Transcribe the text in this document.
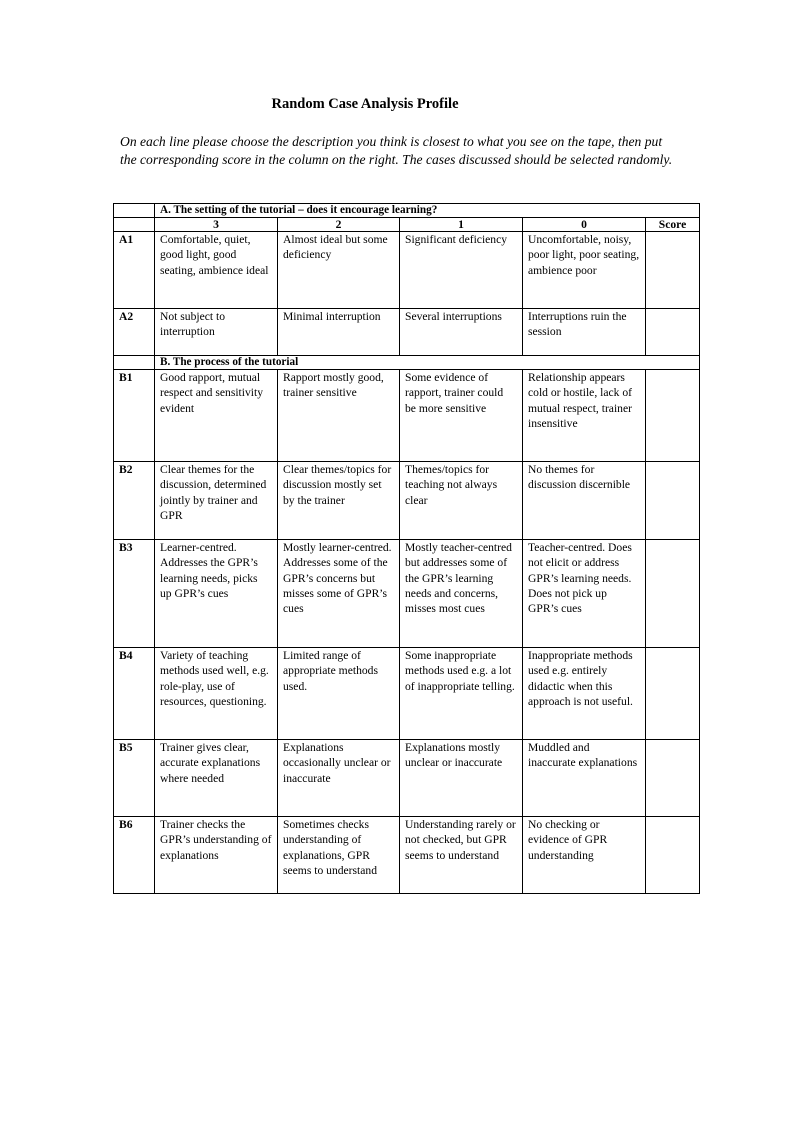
Random Case Analysis Profile
On each line please choose the description you think is closest to what you see on the tape, then put the corresponding score in the column on the right. The cases discussed should be selected randomly.
	A. The setting of the tutorial – does it encourage learning?				
	3	2	1	0	Score
A1	Comfortable, quiet, good light, good seating, ambience ideal	Almost ideal but some deficiency	Significant deficiency	Uncomfortable, noisy, poor light, poor seating, ambience poor	
A2	Not subject to interruption	Minimal interruption	Several interruptions	Interruptions ruin the session	
	B. The process of the tutorial				
B1	Good rapport, mutual respect and sensitivity evident	Rapport mostly good, trainer sensitive	Some evidence of rapport, trainer could be more sensitive	Relationship appears cold or hostile, lack of mutual respect, trainer insensitive	
B2	Clear themes for the discussion, determined jointly by trainer and GPR	Clear themes/topics for discussion mostly set by the trainer	Themes/topics for teaching not always clear	No themes for discussion discernible	
B3	Learner-centred. Addresses the GPR’s learning needs, picks up GPR’s cues	Mostly learner-centred. Addresses some of the GPR’s concerns but misses some of GPR’s cues	Mostly teacher-centred but addresses some of the GPR’s learning needs and concerns, misses most cues	Teacher-centred. Does not elicit or address GPR’s learning needs. Does not pick up GPR’s cues	
B4	Variety of teaching methods used well, e.g. role-play, use of resources, questioning.	Limited range of appropriate methods used.	Some inappropriate methods used e.g. a lot of inappropriate telling.	Inappropriate methods used e.g. entirely didactic when this approach is not useful.	
B5	Trainer gives clear, accurate explanations where needed	Explanations occasionally unclear or inaccurate	Explanations mostly unclear or inaccurate	Muddled and inaccurate explanations	
B6	Trainer checks the GPR’s understanding of explanations	Sometimes checks understanding of explanations, GPR seems to understand	Understanding rarely or not checked, but GPR seems to understand	No checking or evidence of GPR understanding	
